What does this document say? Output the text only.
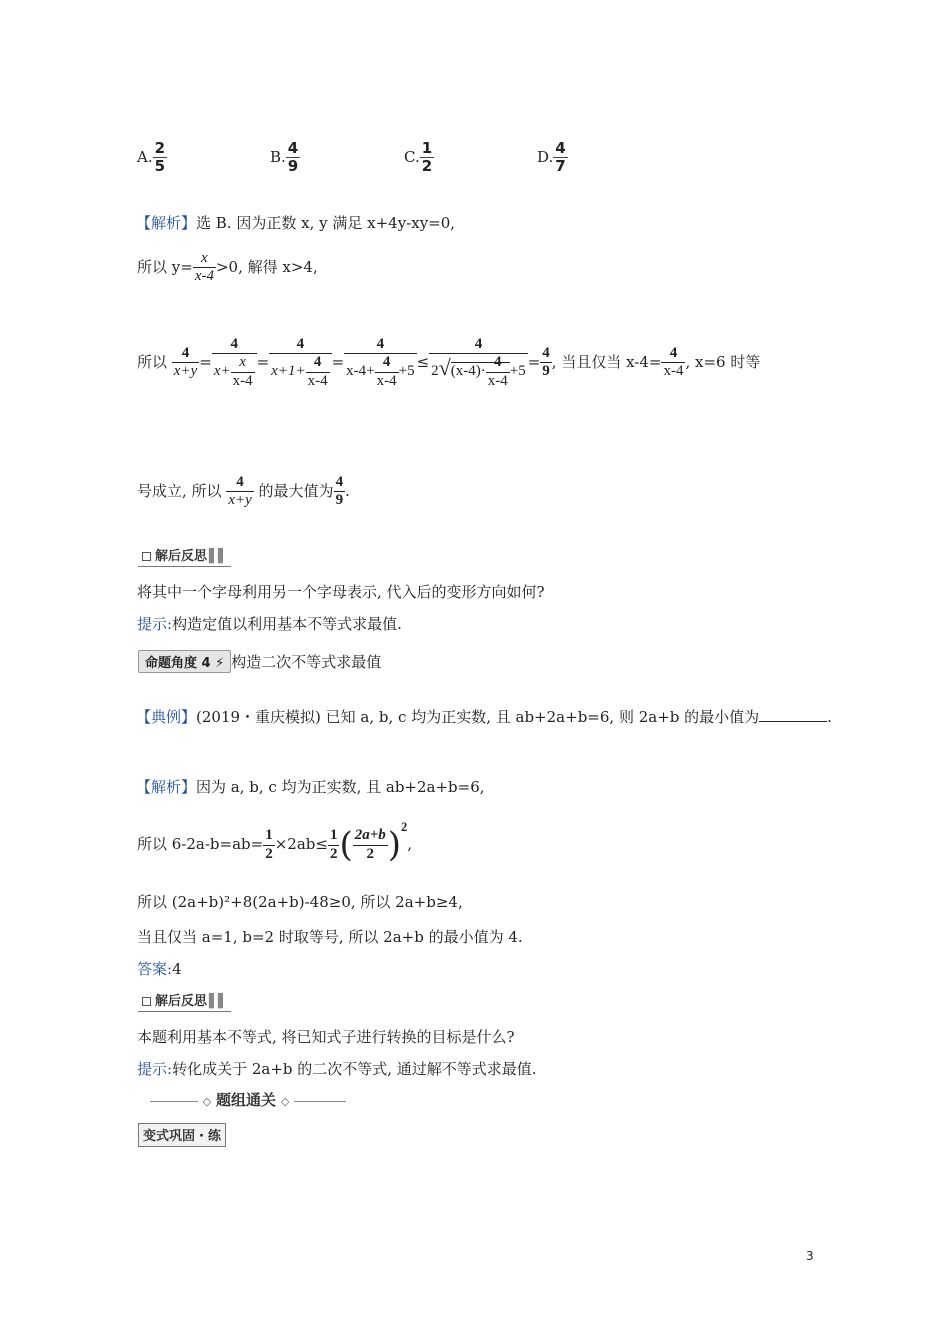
A. $\frac{2}{5}$	B. $\frac{4}{9}$	C. $\frac{1}{2}$	D. $\frac{4}{7}$
【解析】选 B. 因为正数 x, y 满足 x+4y-xy=0,
所以 $y= \frac{x}{x-4} >0$, 解得 x>4,
所以 $\frac{4}{x+y} = \frac{4}{x+ \frac{x}{x-4}} = \frac{4}{x+1+ \frac{4}{x-4}} = \frac{4}{x-4+ \frac{4}{x-4} +5} \le \frac{4}{2√(x-4)\cdot \frac{4}{x-4} +5} = \frac{4}{9}$ , 当且仅当 $x-4= \frac{4}{x-4}$ , x=6 时等
号成立, 所以 $\frac{4}{x+y}$ 的最大值为 $\frac{4}{9}$ .
解后反思 ▌▌
将其中一个字母利用另一个字母表示, 代入后的变形方向如何?
提示:构造定值以利用基本不等式求最值.
命题角度 4 ⚡ 构造二次不等式求最值
【典例】(2019・重庆模拟) 已知 a, b, c 均为正实数, 且 ab+2a+b=6, 则 2a+b 的最小值为	.
【解析】因为 a, b, c 均为正实数, 且 ab+2a+b=6,
所以 $6-2a-b=ab= \frac{1}{2} \times 2ab\le \frac{1}{2}$ ( $\frac{2a+b}{2} )^2$,
所以 (2a+b)²+8(2a+b)-48≥0, 所以 2a+b≥4,
当且仅当 a=1, b=2 时取等号, 所以 2a+b 的最小值为 4.
答案:4
解后反思 ▌▌
本题利用基本不等式, 将已知式子进行转换的目标是什么?
提示:转化成关于 2a+b 的二次不等式, 通过解不等式求最值.
◇ 题组通关 ◇
变式巩固・练
3
